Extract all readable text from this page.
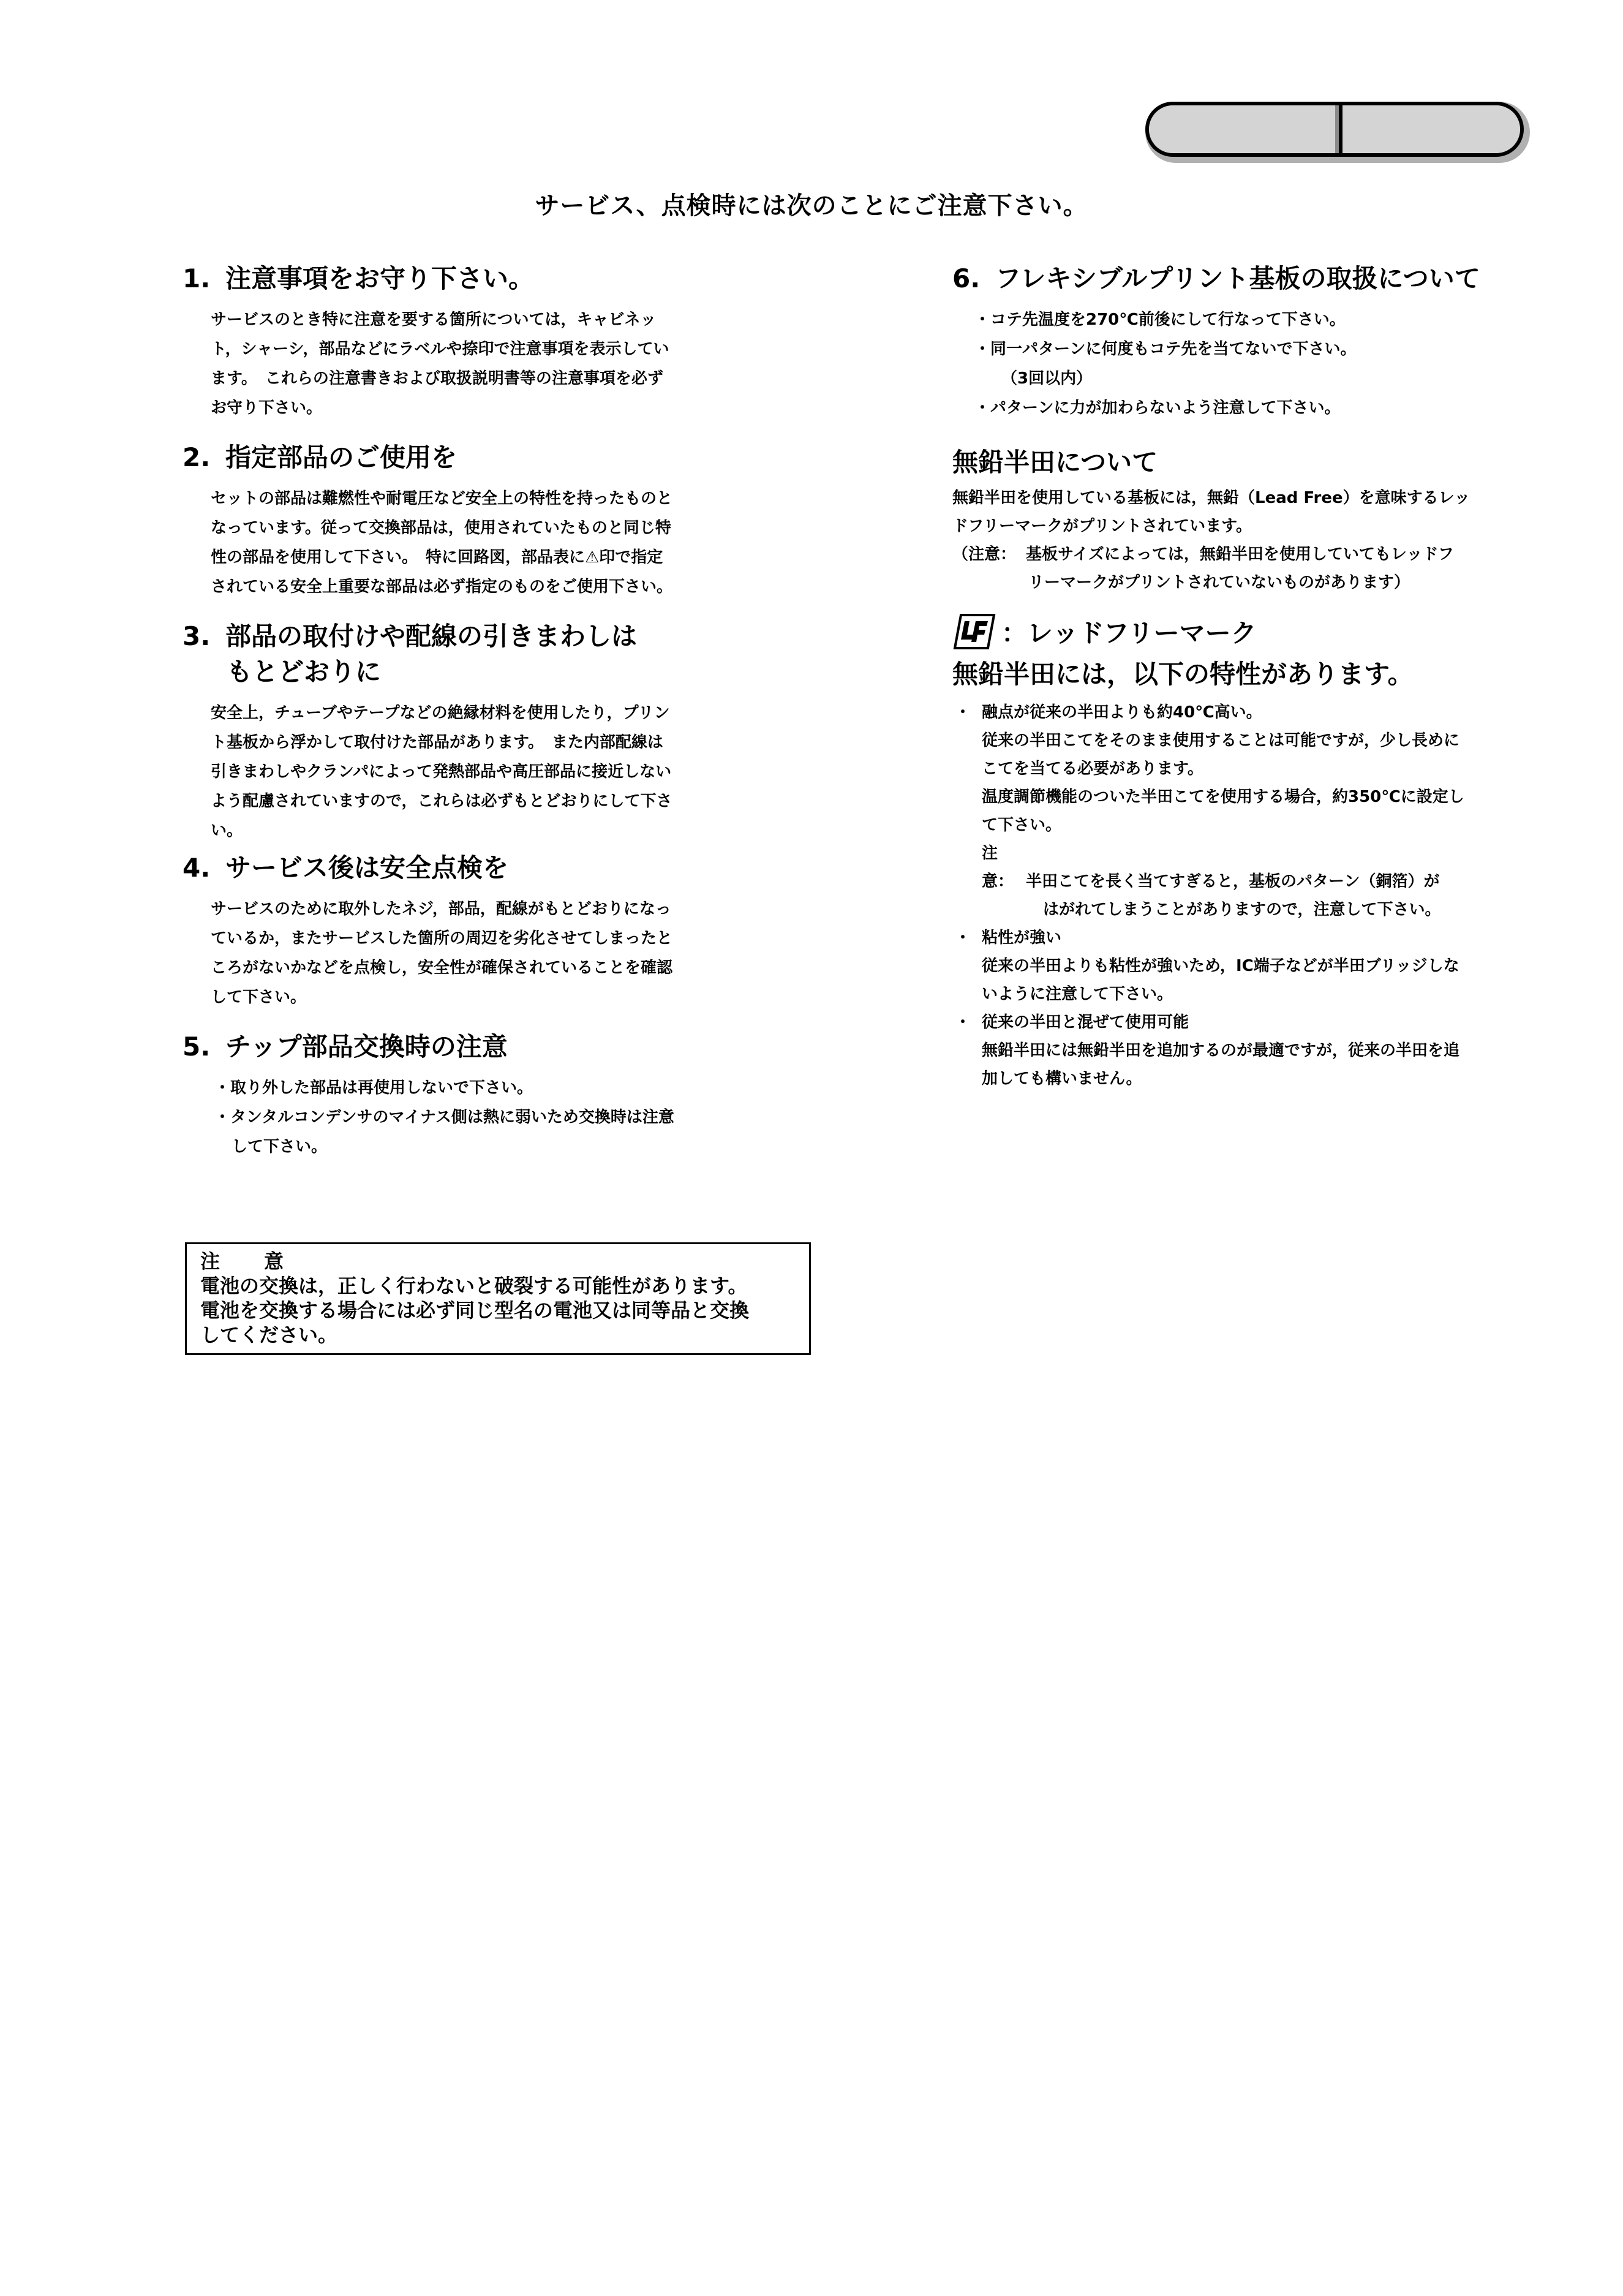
サービス、点検時には次のことにご注意下さい。
1. 注意事項をお守り下さい。
サービスのとき特に注意を要する箇所については，キャビネッ
ト，シャーシ，部品などにラベルや捺印で注意事項を表示してい
ます。　これらの注意書きおよび取扱説明書等の注意事項を必ず
お守り下さい。
2. 指定部品のご使用を
セットの部品は難燃性や耐電圧など安全上の特性を持ったものと
なっています。従って交換部品は，使用されていたものと同じ特
性の部品を使用して下さい。　特に回路図，部品表に⚠印で指定
されている安全上重要な部品は必ず指定のものをご使用下さい。
3. 部品の取付けや配線の引きまわしは
もとどおりに
安全上，チューブやテープなどの絶縁材料を使用したり，プリン
ト基板から浮かして取付けた部品があります。　また内部配線は
引きまわしやクランパによって発熱部品や高圧部品に接近しない
よう配慮されていますので，これらは必ずもとどおりにして下さ
い。
4. サービス後は安全点検を
サービスのために取外したネジ，部品，配線がもとどおりになっ
ているか，またサービスした箇所の周辺を劣化させてしまったと
ころがないかなどを点検し，安全性が確保されていることを確認
して下さい。
5. チップ部品交換時の注意
・取り外した部品は再使用しないで下さい。
・タンタルコンデンサのマイナス側は熱に弱いため交換時は注意
して下さい。
6. フレキシブルプリント基板の取扱について
・コテ先温度を270℃前後にして行なって下さい。
・同一パターンに何度もコテ先を当てないで下さい。
（3回以内）
・パターンに力が加わらないよう注意して下さい。
無鉛半田について
無鉛半田を使用している基板には，無鉛（Lead Free）を意味するレッ
ドフリーマークがプリントされています。
（注意： 基板サイズによっては，無鉛半田を使用していてもレッドフ
リーマークがプリントされていないものがあります）
：レッドフリーマーク
無鉛半田には，以下の特性があります。
・ 融点が従来の半田よりも約40℃高い。
従来の半田こてをそのまま使用することは可能ですが，少し長めに
こてを当てる必要があります。
温度調節機能のついた半田こてを使用する場合，約350℃に設定し
て下さい。
注意： 半田こてを長く当てすぎると，基板のパターン（銅箔）が
はがれてしまうことがありますので，注意して下さい。
・ 粘性が強い
従来の半田よりも粘性が強いため，IC端子などが半田ブリッジしな
いように注意して下さい。
・ 従来の半田と混ぜて使用可能
無鉛半田には無鉛半田を追加するのが最適ですが，従来の半田を追
加しても構いません。
注　意
電池の交換は，正しく行わないと破裂する可能性があります。
電池を交換する場合には必ず同じ型名の電池又は同等品と交換
してください。
